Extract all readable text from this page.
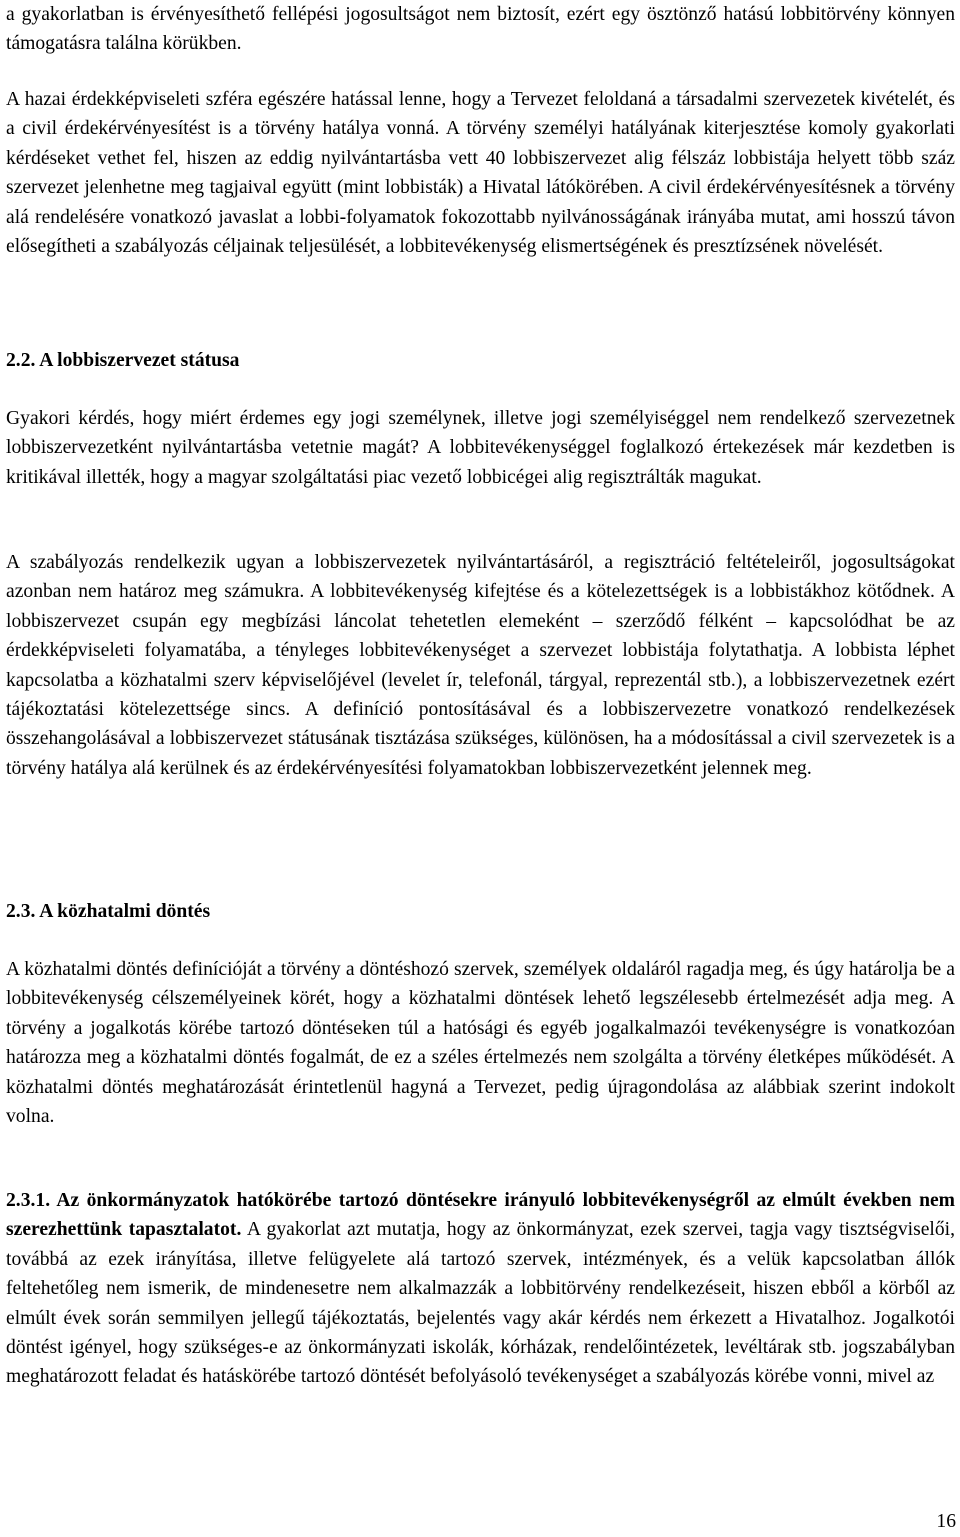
a gyakorlatban is érvényesíthető fellépési jogosultságot nem biztosít, ezért egy ösztönző hatású lobbitörvény könnyen támogatásra találna körükben.

A hazai érdekképviseleti szféra egészére hatással lenne, hogy a Tervezet feloldaná a társadalmi szervezetek kivételét, és a civil érdekérvényesítést is a törvény hatálya vonná. A törvény személyi hatályának kiterjesztése komoly gyakorlati kérdéseket vethet fel, hiszen az eddig nyilvántartásba vett 40 lobbiszervezet alig félszáz lobbistája helyett több száz szervezet jelenhetne meg tagjaival együtt (mint lobbisták) a Hivatal látókörében. A civil érdekérvényesítésnek a törvény alá rendelésére vonatkozó javaslat a lobbi-folyamatok fokozottabb nyilvánosságának irányába mutat, ami hosszú távon elősegítheti a szabályozás céljainak teljesülését, a lobbitevékenység elismertségének és presztízsének növelését.

2.2. A lobbiszervezet státusa

Gyakori kérdés, hogy miért érdemes egy jogi személynek, illetve jogi személyiséggel nem rendelkező szervezetnek lobbiszervezetként nyilvántartásba vetetnie magát? A lobbitevékenységgel foglalkozó értekezések már kezdetben is kritikával illették, hogy a magyar szolgáltatási piac vezető lobbicégei alig regisztrálták magukat.

A szabályozás rendelkezik ugyan a lobbiszervezetek nyilvántartásáról, a regisztráció feltételeiről, jogosultságokat azonban nem határoz meg számukra. A lobbitevékenység kifejtése és a kötelezettségek is a lobbistákhoz kötődnek. A lobbiszervezet csupán egy megbízási láncolat tehetetlen elemeként – szerződő félként – kapcsolódhat be az érdekképviseleti folyamatába, a tényleges lobbitevékenységet a szervezet lobbistája folytathatja. A lobbista léphet kapcsolatba a közhatalmi szerv képviselőjével (levelet ír, telefonál, tárgyal, reprezentál stb.), a lobbiszervezetnek ezért tájékoztatási kötelezettsége sincs. A definíció pontosításával és a lobbiszervezetre vonatkozó rendelkezések összehangolásával a lobbiszervezet státusának tisztázása szükséges, különösen, ha a módosítással a civil szervezetek is a törvény hatálya alá kerülnek és az érdekérvényesítési folyamatokban lobbiszervezetként jelennek meg.

2.3. A közhatalmi döntés

A közhatalmi döntés definícióját a törvény a döntéshozó szervek, személyek oldaláról ragadja meg, és úgy határolja be a lobbitevékenység célszemélyeinek körét, hogy a közhatalmi döntések lehető legszélesebb értelmezését adja meg. A törvény a jogalkotás körébe tartozó döntéseken túl a hatósági és egyéb jogalkalmazói tevékenységre is vonatkozóan határozza meg a közhatalmi döntés fogalmát, de ez a széles értelmezés nem szolgálta a törvény életképes működését. A közhatalmi döntés meghatározását érintetlenül hagyná a Tervezet, pedig újragondolása az alábbiak szerint indokolt volna.

2.3.1. Az önkormányzatok hatókörébe tartozó döntésekre irányuló lobbitevékenységről az elmúlt években nem szerezhettünk tapasztalatot. A gyakorlat azt mutatja, hogy az önkormányzat, ezek szervei, tagja vagy tisztségviselői, továbbá az ezek irányítása, illetve felügyelete alá tartozó szervek, intézmények, és a velük kapcsolatban állók feltehetőleg nem ismerik, de mindenesetre nem alkalmazzák a lobbitörvény rendelkezéseit, hiszen ebből a körből az elmúlt évek során semmilyen jellegű tájékoztatás, bejelentés vagy akár kérdés nem érkezett a Hivatalhoz. Jogalkotói döntést igényel, hogy szükséges-e az önkormányzati iskolák, kórházak, rendelőintézetek, levéltárak stb. jogszabályban meghatározott feladat és hatáskörébe tartozó döntését befolyásoló tevékenységet a szabályozás körébe vonni, mivel az

16
